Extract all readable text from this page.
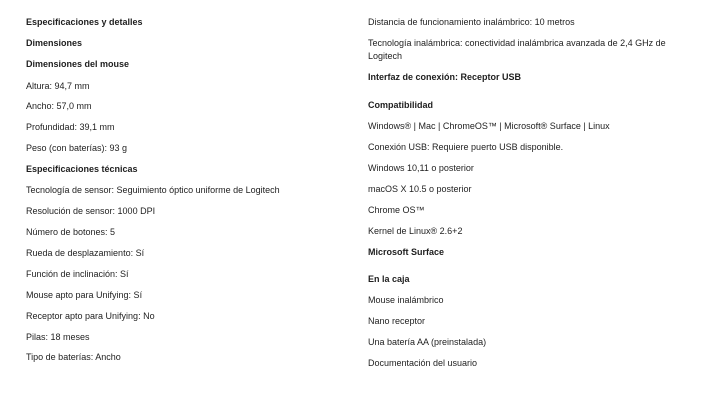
Especificaciones y detalles
Dimensiones
Dimensiones del mouse
Altura: 94,7 mm
Ancho: 57,0 mm
Profundidad: 39,1 mm
Peso (con baterías): 93 g
Especificaciones técnicas
Tecnología de sensor: Seguimiento óptico uniforme de Logitech
Resolución de sensor: 1000 DPI
Número de botones: 5
Rueda de desplazamiento: Sí
Función de inclinación: Sí
Mouse apto para Unifying: Sí
Receptor apto para Unifying: No
Pilas: 18 meses
Tipo de baterías: Ancho
Distancia de funcionamiento inalámbrico: 10 metros
Tecnología inalámbrica: conectividad inalámbrica avanzada de 2,4 GHz de Logitech
Interfaz de conexión: Receptor USB
Compatibilidad
Windows® | Mac | ChromeOS™ | Microsoft® Surface | Linux
Conexión USB: Requiere puerto USB disponible.
Windows 10,11 o posterior
macOS X 10.5 o posterior
Chrome OS™
Kernel de Linux® 2.6+2
Microsoft Surface
En la caja
Mouse inalámbrico
Nano receptor
Una batería AA (preinstalada)
Documentación del usuario
